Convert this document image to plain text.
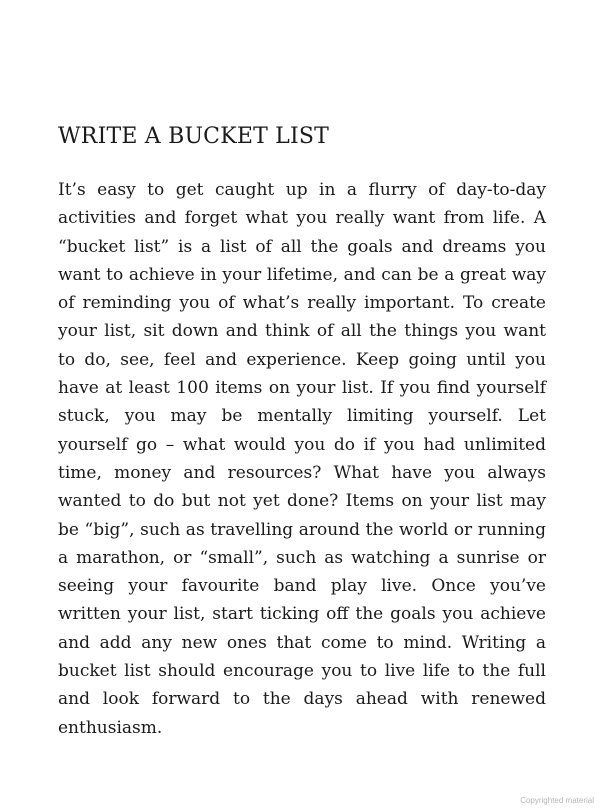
WRITE A BUCKET LIST

It’s easy to get caught up in a flurry of day-to-day activities and forget what you really want from life. A “bucket list” is a list of all the goals and dreams you want to achieve in your lifetime, and can be a great way of reminding you of what’s really important. To create your list, sit down and think of all the things you want to do, see, feel and experience. Keep going until you have at least 100 items on your list. If you find yourself stuck, you may be mentally limiting yourself. Let yourself go – what would you do if you had unlimited time, money and resources? What have you always wanted to do but not yet done? Items on your list may be “big”, such as travelling around the world or running a marathon, or “small”, such as watching a sunrise or seeing your favourite band play live. Once you’ve written your list, start ticking off the goals you achieve and add any new ones that come to mind. Writing a bucket list should encourage you to live life to the full and look forward to the days ahead with renewed enthusiasm.

Copyrighted material
